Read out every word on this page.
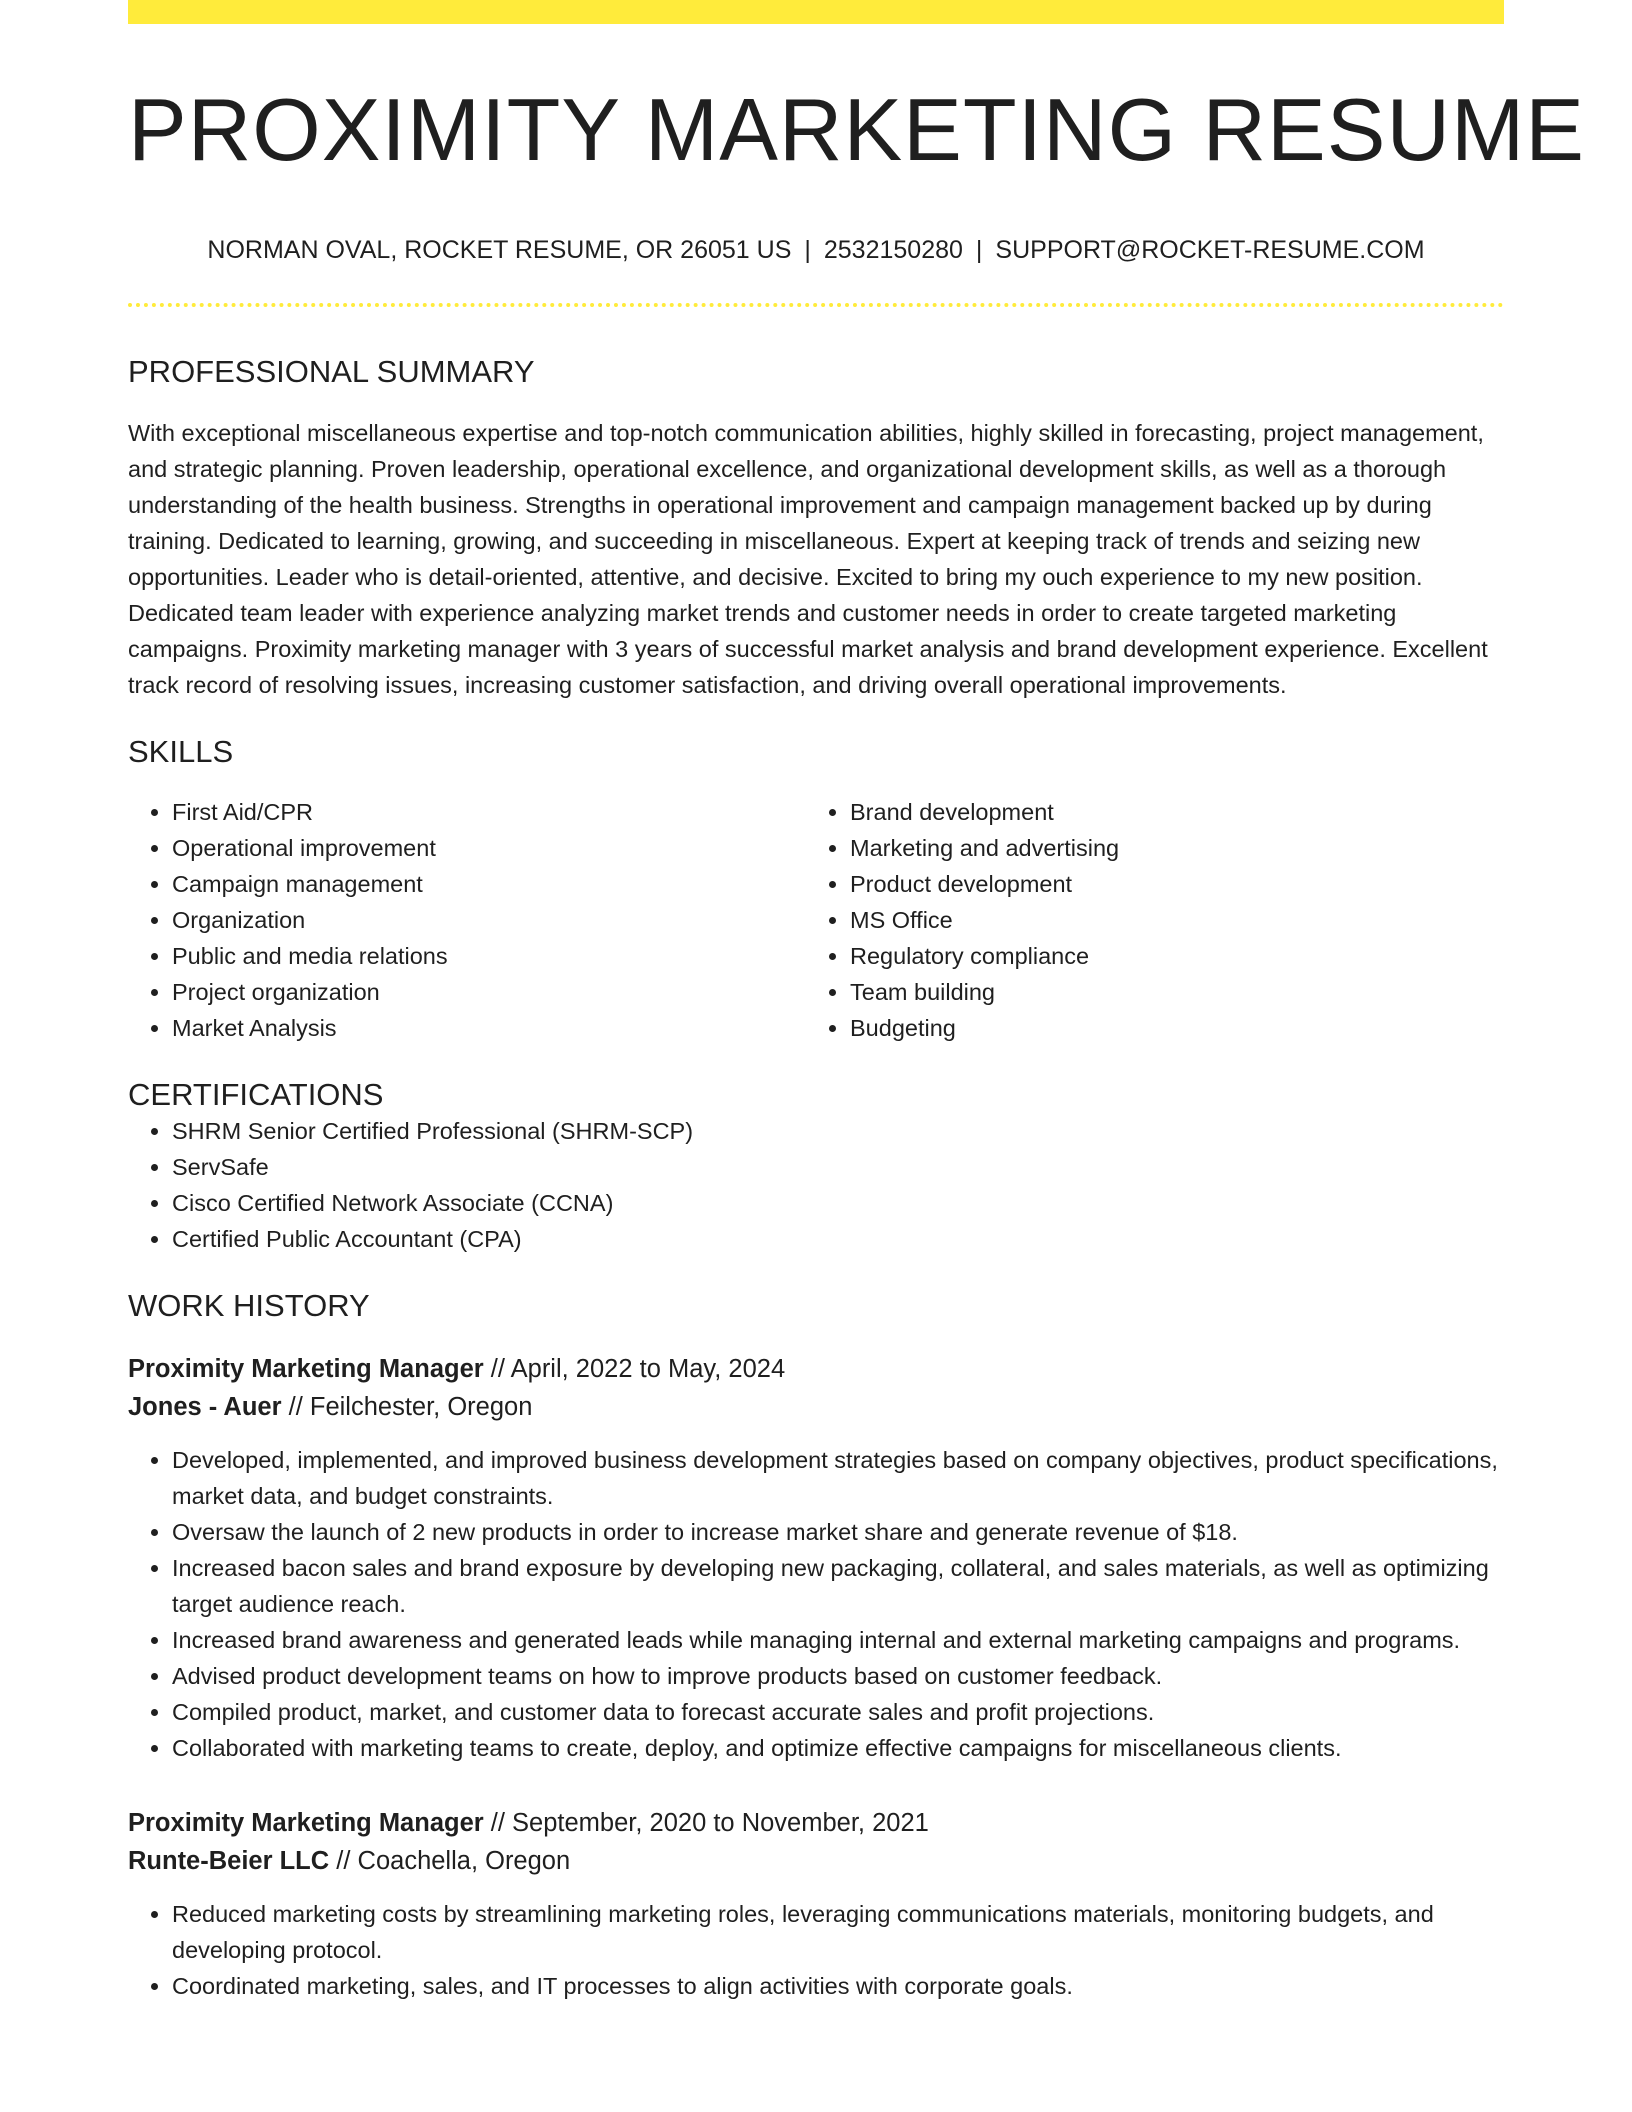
PROXIMITY MARKETING RESUME
NORMAN OVAL, ROCKET RESUME, OR 26051 US | 2532150280 | SUPPORT@ROCKET-RESUME.COM
PROFESSIONAL SUMMARY

With exceptional miscellaneous expertise and top-notch communication abilities, highly skilled in forecasting, project management, and strategic planning. Proven leadership, operational excellence, and organizational development skills, as well as a thorough understanding of the health business. Strengths in operational improvement and campaign management backed up by during training. Dedicated to learning, growing, and succeeding in miscellaneous. Expert at keeping track of trends and seizing new opportunities. Leader who is detail-oriented, attentive, and decisive. Excited to bring my ouch experience to my new position. Dedicated team leader with experience analyzing market trends and customer needs in order to create targeted marketing campaigns. Proximity marketing manager with 3 years of successful market analysis and brand development experience. Excellent track record of resolving issues, increasing customer satisfaction, and driving overall operational improvements.

SKILLS
• First Aid/CPR
• Operational improvement
• Campaign management
• Organization
• Public and media relations
• Project organization
• Market Analysis
• Brand development
• Marketing and advertising
• Product development
• MS Office
• Regulatory compliance
• Team building
• Budgeting
CERTIFICATIONS
• SHRM Senior Certified Professional (SHRM-SCP)
• ServSafe
• Cisco Certified Network Associate (CCNA)
• Certified Public Accountant (CPA)
WORK HISTORY
Proximity Marketing Manager // April, 2022 to May, 2024
Jones - Auer // Feilchester, Oregon
• Developed, implemented, and improved business development strategies based on company objectives, product specifications, market data, and budget constraints.
• Oversaw the launch of 2 new products in order to increase market share and generate revenue of $18.
• Increased bacon sales and brand exposure by developing new packaging, collateral, and sales materials, as well as optimizing target audience reach.
• Increased brand awareness and generated leads while managing internal and external marketing campaigns and programs.
• Advised product development teams on how to improve products based on customer feedback.
• Compiled product, market, and customer data to forecast accurate sales and profit projections.
• Collaborated with marketing teams to create, deploy, and optimize effective campaigns for miscellaneous clients.
Proximity Marketing Manager // September, 2020 to November, 2021
Runte-Beier LLC // Coachella, Oregon
• Reduced marketing costs by streamlining marketing roles, leveraging communications materials, monitoring budgets, and developing protocol.
• Coordinated marketing, sales, and IT processes to align activities with corporate goals.
